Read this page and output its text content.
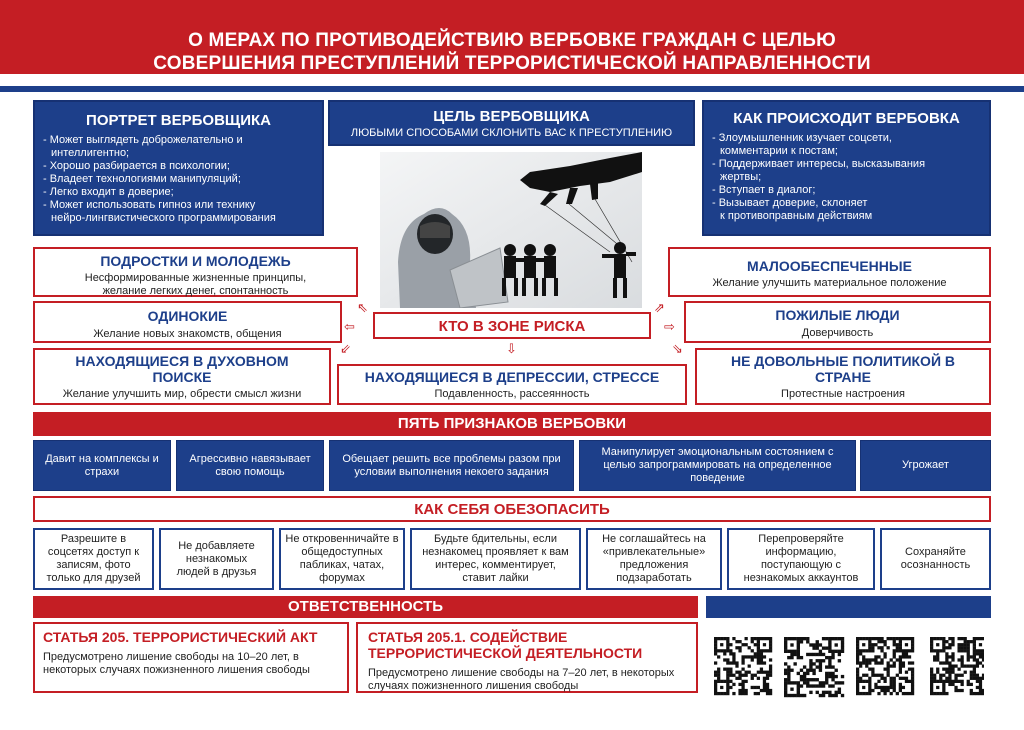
О МЕРАХ ПО ПРОТИВОДЕЙСТВИЮ ВЕРБОВКЕ ГРАЖДАН С ЦЕЛЬЮ
СОВЕРШЕНИЯ ПРЕСТУПЛЕНИЙ ТЕРРОРИСТИЧЕСКОЙ НАПРАВЛЕННОСТИ
ПОРТРЕТ ВЕРБОВЩИКА
- Может выглядеть доброжелательно и
интеллигентно;
- Хорошо разбирается в психологии;
- Владеет технологиями манипуляций;
- Легко входит в доверие;
- Может использовать гипноз или технику
нейро-лингвистического программирования
ЦЕЛЬ ВЕРБОВЩИКА
ЛЮБЫМИ СПОСОБАМИ СКЛОНИТЬ ВАС К ПРЕСТУПЛЕНИЮ
КАК ПРОИСХОДИТ ВЕРБОВКА
- Злоумышленник изучает соцсети,
комментарии к постам;
- Поддерживает интересы, высказывания
жертвы;
- Вступает в диалог;
- Вызывает доверие, склоняет
к противоправным действиям
ПОДРОСТКИ И МОЛОДЕЖЬ
Несформированные жизненные принципы, желание легких денег, спонтанность
ОДИНОКИЕ
Желание новых знакомств, общения
НАХОДЯЩИЕСЯ В ДУХОВНОМ ПОИСКЕ
Желание улучшить мир, обрести смысл жизни
КТО В ЗОНЕ РИСКА
НАХОДЯЩИЕСЯ В ДЕПРЕССИИ, СТРЕССЕ
Подавленность, рассеянность
⇖
⇦
⇙	⇩
⇗
⇨
⇘
МАЛООБЕСПЕЧЕННЫЕ
Желание улучшить материальное положение
ПОЖИЛЫЕ ЛЮДИ
Доверчивость
НЕ ДОВОЛЬНЫЕ ПОЛИТИКОЙ В СТРАНЕ
Протестные настроения
ПЯТЬ ПРИЗНАКОВ ВЕРБОВКИ
Давит на комплексы и страхи
Агрессивно навязывает свою помощь
Обещает решить все проблемы разом при условии выполнения некоего задания
Манипулирует эмоциональным состоянием с целью запрограммировать на определенное поведение
Угрожает
КАК СЕБЯ ОБЕЗОПАСИТЬ
Разрешите в соцсетях доступ к записям, фото только для друзей
Не добавляете незнакомых людей в друзья
Не откровенничайте в общедоступных пабликах, чатах, форумах
Будьте бдительны, если незнакомец проявляет к вам интерес, комментирует, ставит лайки
Не соглашайтесь на «привлекательные» предложения подзаработать
Перепроверяйте информацию, поступающую с незнакомых аккаунтов
Сохраняйте осознанность
ОТВЕТСТВЕННОСТЬ
СТАТЬЯ 205. ТЕРРОРИСТИЧЕСКИЙ АКТ
Предусмотрено лишение свободы на 10–20 лет, в некоторых случаях пожизненного лишения свободы
СТАТЬЯ 205.1. СОДЕЙСТВИЕ ТЕРРОРИСТИЧЕСКОЙ ДЕЯТЕЛЬНОСТИ
Предусмотрено лишение свободы на 7–20 лет, в некоторых случаях пожизненного лишения свободы
